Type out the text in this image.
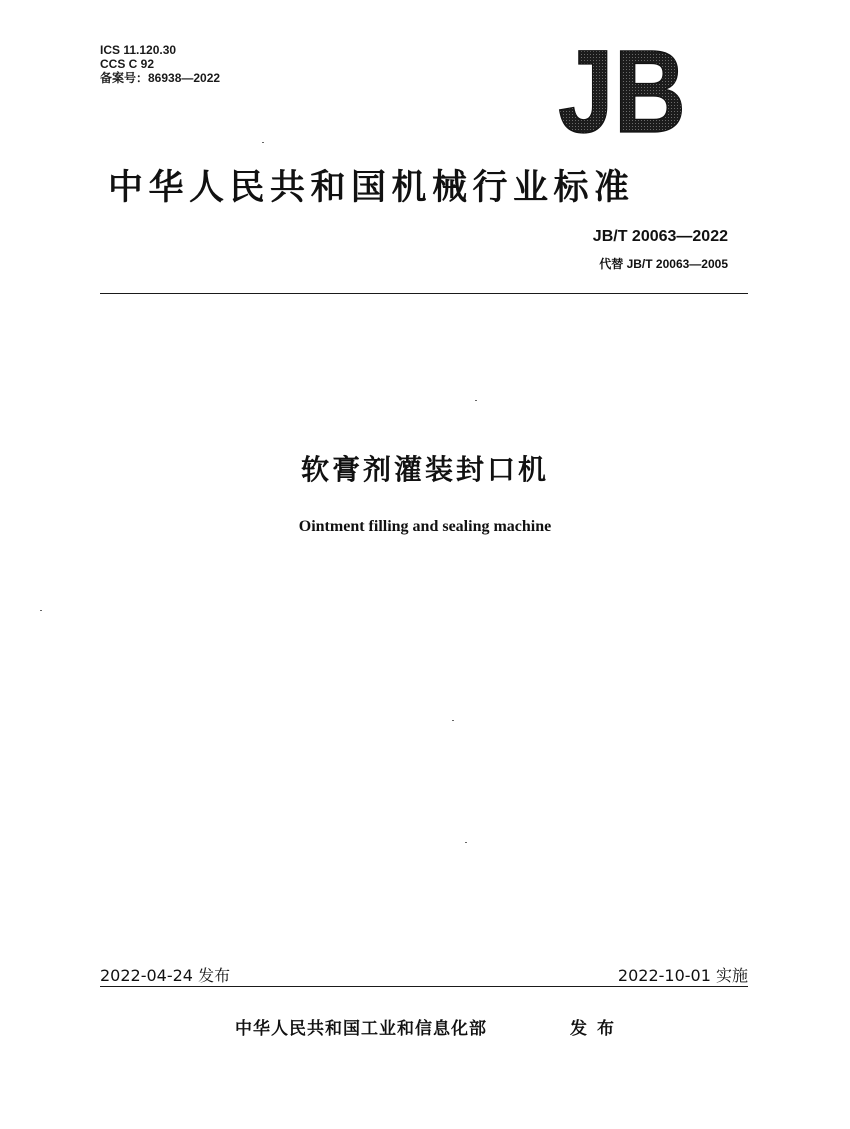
ICS 11.120.30
CCS C 92
备案号：86938—2022	JB
中华人民共和国机械行业标准
JB/T 20063—2022
代替 JB/T 20063—2005
软膏剂灌装封口机
Ointment filling and sealing machine
2022-04-24 发布	2022-10-01 实施
中华人民共和国工业和信息化部	发布
